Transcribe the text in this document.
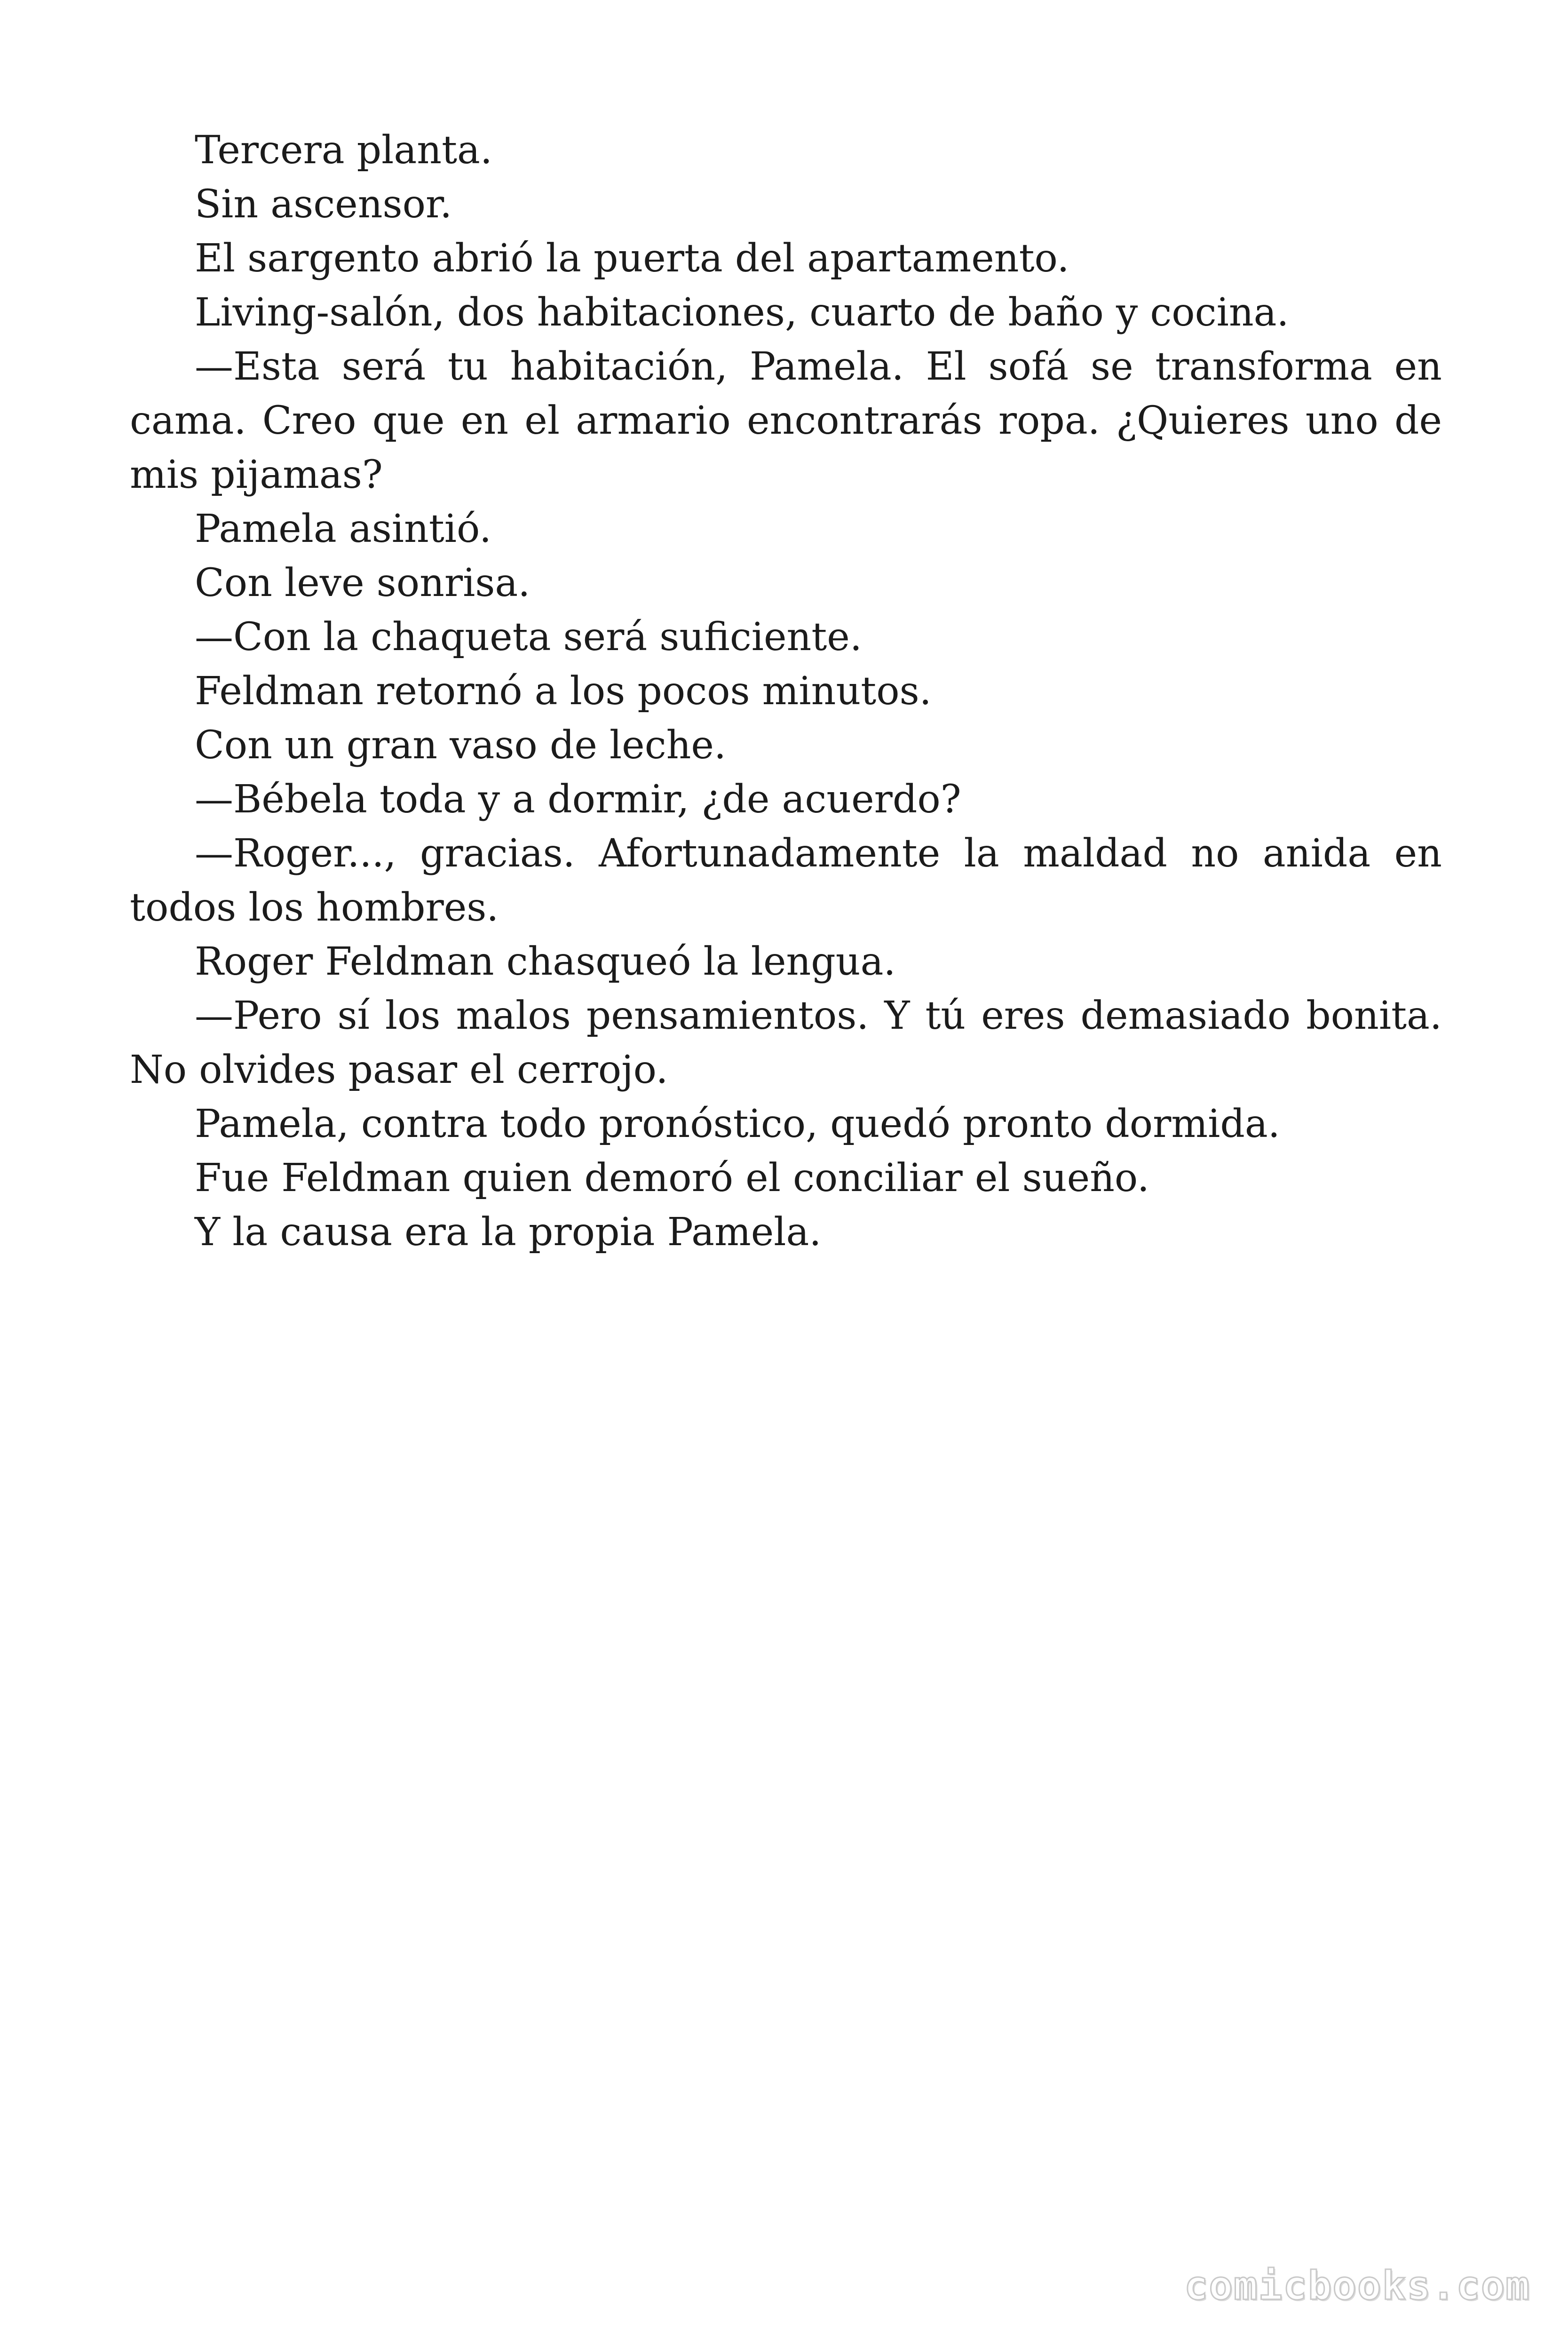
Tercera planta.

Sin ascensor.

El sargento abrió la puerta del apartamento.

Living-salón, dos habitaciones, cuarto de baño y cocina.

—Esta será tu habitación, Pamela. El sofá se transforma en cama. Creo que en el armario encontrarás ropa. ¿Quieres uno de mis pijamas?

Pamela asintió.

Con leve sonrisa.

—Con la chaqueta será suficiente.

Feldman retornó a los pocos minutos.

Con un gran vaso de leche.

—Bébela toda y a dormir, ¿de acuerdo?

—Roger..., gracias. Afortunadamente la maldad no anida en todos los hombres.

Roger Feldman chasqueó la lengua.

—Pero sí los malos pensamientos. Y tú eres demasiado bonita. No olvides pasar el cerrojo.

Pamela, contra todo pronóstico, quedó pronto dormida.

Fue Feldman quien demoró el conciliar el sueño.

Y la causa era la propia Pamela.

comicbooks.com
